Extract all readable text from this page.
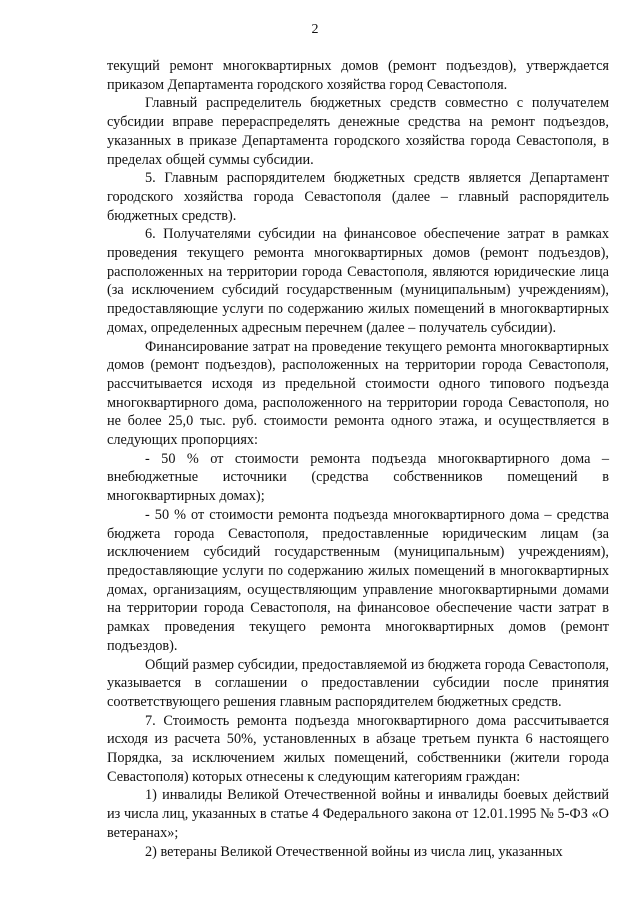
2

текущий ремонт многоквартирных домов (ремонт подъездов), утверждается приказом Департамента городского хозяйства город Севастополя.

Главный распределитель бюджетных средств совместно с получателем субсидии вправе перераспределять денежные средства на ремонт подъездов, указанных в приказе Департамента городского хозяйства города Севастополя, в пределах общей суммы субсидии.

5. Главным распорядителем бюджетных средств является Департамент городского хозяйства города Севастополя (далее – главный распорядитель бюджетных средств).

6. Получателями субсидии на финансовое обеспечение затрат в рамках проведения текущего ремонта многоквартирных домов (ремонт подъездов), расположенных на территории города Севастополя, являются юридические лица (за исключением субсидий государственным (муниципальным) учреждениям), предоставляющие услуги по содержанию жилых помещений в многоквартирных домах, определенных адресным перечнем (далее – получатель субсидии).

Финансирование затрат на проведение текущего ремонта многоквартирных домов (ремонт подъездов), расположенных на территории города Севастополя, рассчитывается исходя из предельной стоимости одного типового подъезда многоквартирного дома, расположенного на территории города Севастополя, но не более 25,0 тыс. руб. стоимости ремонта одного этажа, и осуществляется в следующих пропорциях:

- 50 % от стоимости ремонта подъезда многоквартирного дома – внебюджетные источники (средства собственников помещений в многоквартирных домах);

- 50 % от стоимости ремонта подъезда многоквартирного дома – средства бюджета города Севастополя, предоставленные юридическим лицам (за исключением субсидий государственным (муниципальным) учреждениям), предоставляющие услуги по содержанию жилых помещений в многоквартирных домах, организациям, осуществляющим управление многоквартирными домами на территории города Севастополя, на финансовое обеспечение части затрат в рамках проведения текущего ремонта многоквартирных домов (ремонт подъездов).

Общий размер субсидии, предоставляемой из бюджета города Севастополя, указывается в соглашении о предоставлении субсидии после принятия соответствующего решения главным распорядителем бюджетных средств.

7. Стоимость ремонта подъезда многоквартирного дома рассчитывается исходя из расчета 50%, установленных в абзаце третьем пункта 6 настоящего Порядка, за исключением жилых помещений, собственники (жители города Севастополя) которых отнесены к следующим категориям граждан:

1) инвалиды Великой Отечественной войны и инвалиды боевых действий из числа лиц, указанных в статье 4 Федерального закона от 12.01.1995 № 5-ФЗ «О ветеранах»;

2) ветераны Великой Отечественной войны из числа лиц, указанных
